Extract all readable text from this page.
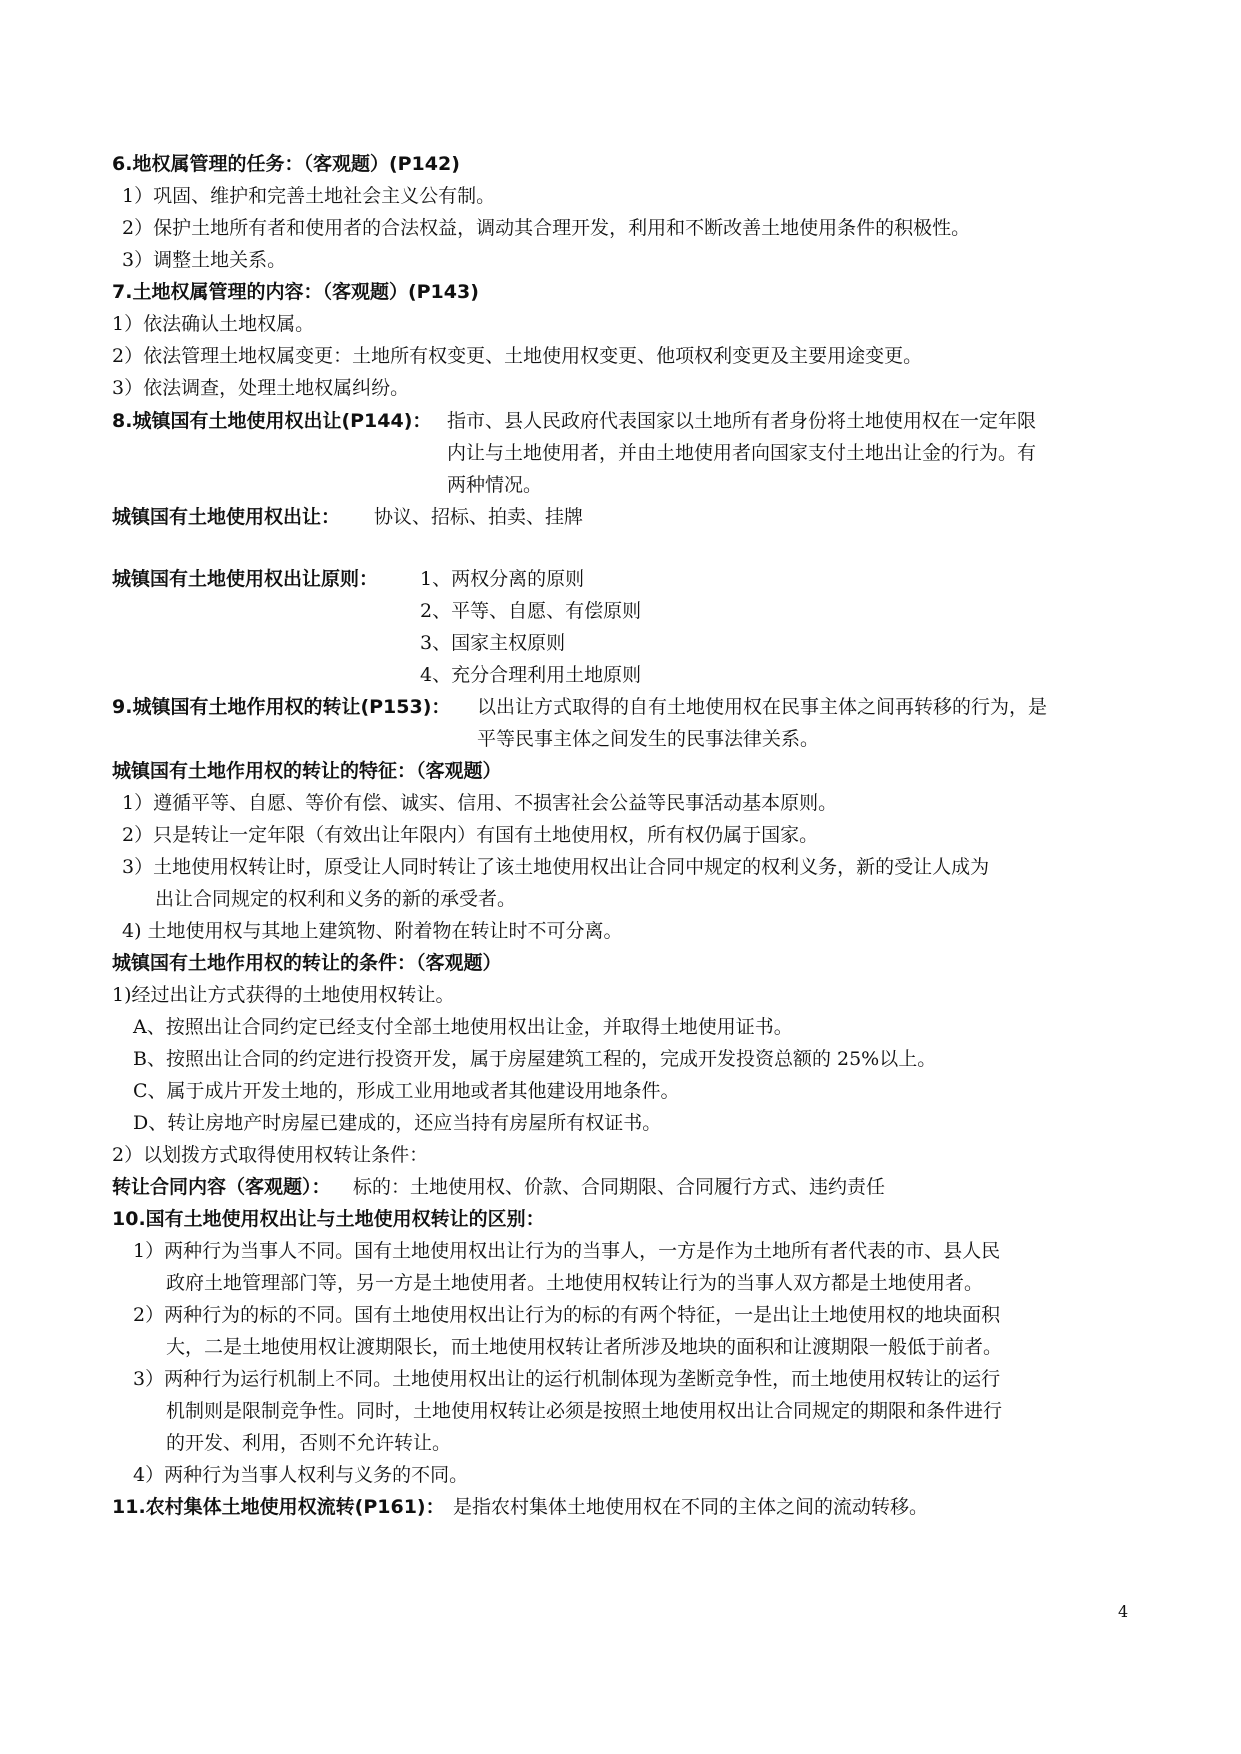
6.地权属管理的任务：（客观题）(P142)
1）巩固、维护和完善土地社会主义公有制。
2）保护土地所有者和使用者的合法权益，调动其合理开发，利用和不断改善土地使用条件的积极性。
3）调整土地关系。
7.土地权属管理的内容：（客观题）(P143)
1）依法确认土地权属。
2）依法管理土地权属变更：土地所有权变更、土地使用权变更、他项权利变更及主要用途变更。
3）依法调查，处理土地权属纠纷。
8.城镇国有土地使用权出让(P144)： 指市、县人民政府代表国家以土地所有者身份将土地使用权在一定年限
内让与土地使用者，并由土地使用者向国家支付土地出让金的行为。有
两种情况。
城镇国有土地使用权出让： 协议、招标、拍卖、挂牌
城镇国有土地使用权出让原则： 1、两权分离的原则
2、平等、自愿、有偿原则
3、国家主权原则
4、充分合理利用土地原则
9.城镇国有土地作用权的转让(P153)： 以出让方式取得的自有土地使用权在民事主体之间再转移的行为，是
平等民事主体之间发生的民事法律关系。
城镇国有土地作用权的转让的特征：（客观题）
1）遵循平等、自愿、等价有偿、诚实、信用、不损害社会公益等民事活动基本原则。
2）只是转让一定年限（有效出让年限内）有国有土地使用权，所有权仍属于国家。
3）土地使用权转让时，原受让人同时转让了该土地使用权出让合同中规定的权利义务，新的受让人成为
出让合同规定的权利和义务的新的承受者。
4) 土地使用权与其地上建筑物、附着物在转让时不可分离。
城镇国有土地作用权的转让的条件：（客观题）
1)经过出让方式获得的土地使用权转让。
A、按照出让合同约定已经支付全部土地使用权出让金，并取得土地使用证书。
B、按照出让合同的约定进行投资开发，属于房屋建筑工程的，完成开发投资总额的 25%以上。
C、属于成片开发土地的，形成工业用地或者其他建设用地条件。
D、转让房地产时房屋已建成的，还应当持有房屋所有权证书。
2）以划拨方式取得使用权转让条件：
转让合同内容（客观题）： 标的：土地使用权、价款、合同期限、合同履行方式、违约责任
10.国有土地使用权出让与土地使用权转让的区别：
1）两种行为当事人不同。国有土地使用权出让行为的当事人，一方是作为土地所有者代表的市、县人民
政府土地管理部门等，另一方是土地使用者。土地使用权转让行为的当事人双方都是土地使用者。
2）两种行为的标的不同。国有土地使用权出让行为的标的有两个特征，一是出让土地使用权的地块面积
大，二是土地使用权让渡期限长，而土地使用权转让者所涉及地块的面积和让渡期限一般低于前者。
3）两种行为运行机制上不同。土地使用权出让的运行机制体现为垄断竞争性，而土地使用权转让的运行
机制则是限制竞争性。同时，土地使用权转让必须是按照土地使用权出让合同规定的期限和条件进行
的开发、利用，否则不允许转让。
4）两种行为当事人权利与义务的不同。
11.农村集体土地使用权流转(P161)： 是指农村集体土地使用权在不同的主体之间的流动转移。
4
